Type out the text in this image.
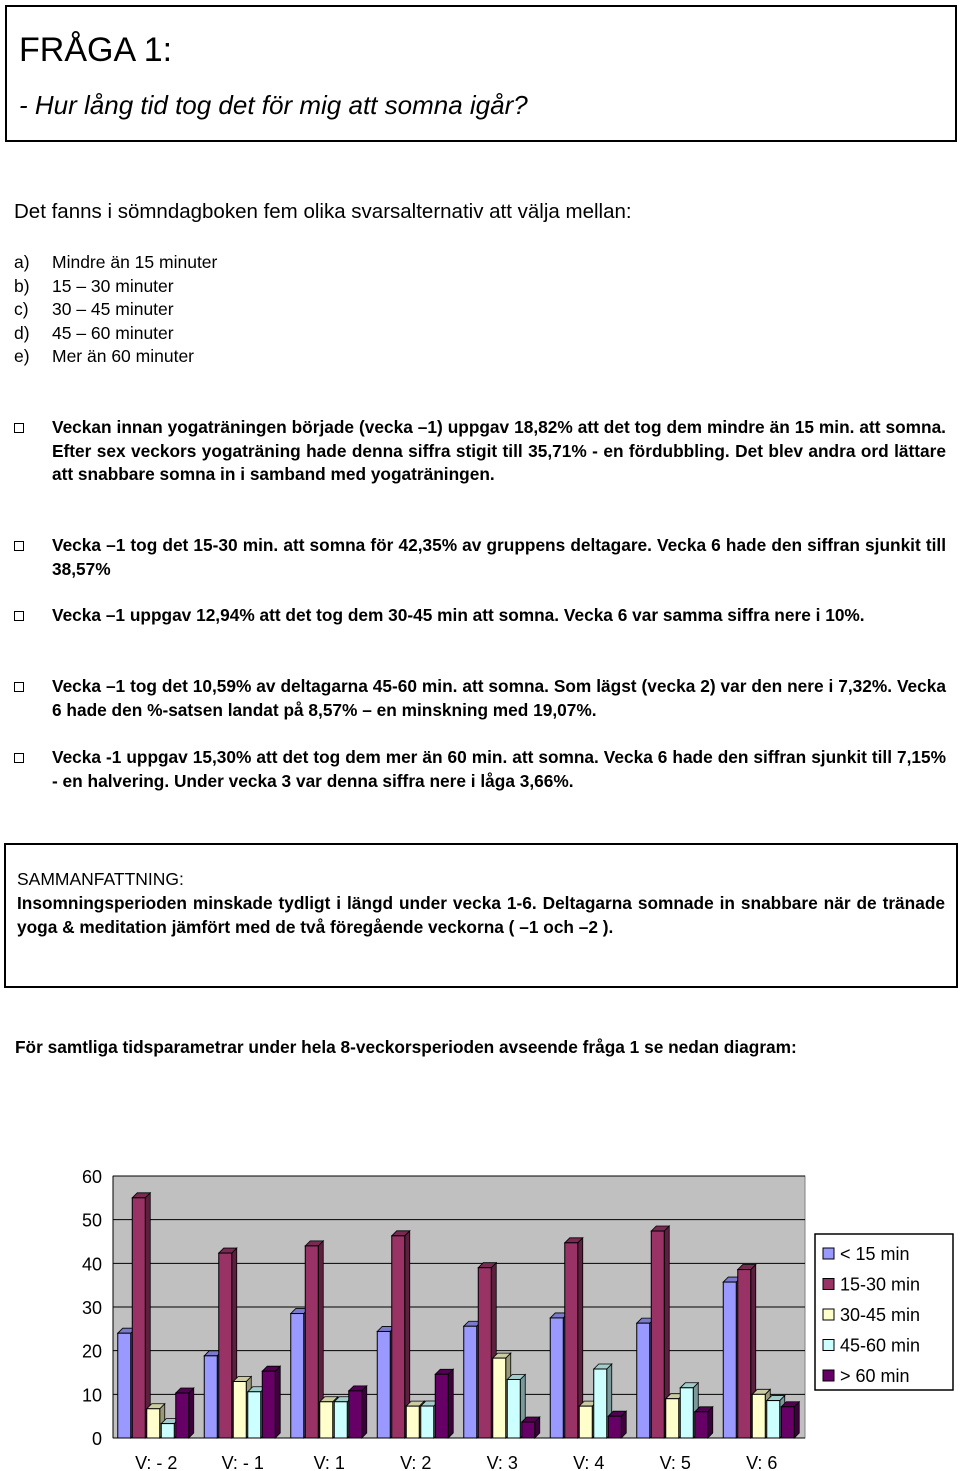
FRÅGA 1:
- Hur lång tid tog det för mig att somna igår?
Det fanns i sömndagboken fem olika svarsalternativ att välja mellan:
a)	Mindre än 15 minuter
b)	15 – 30 minuter
c)	30 – 45 minuter
d)	45 – 60 minuter
e)	Mer än 60 minuter
Veckan innan yogaträningen började (vecka –1) uppgav 18,82% att det tog dem mindre än 15 min. att somna. Efter sex veckors yogaträning hade denna siffra stigit till 35,71% - en fördubbling. Det blev andra ord lättare att snabbare somna in i samband med yogaträningen.
Vecka –1 tog det 15-30 min. att somna för 42,35% av gruppens deltagare. Vecka 6 hade den siffran sjunkit till 38,57%
Vecka –1 uppgav 12,94% att det tog dem 30-45 min att somna. Vecka 6 var samma siffra nere i 10%.
Vecka –1 tog det 10,59% av deltagarna 45-60 min. att somna. Som lägst (vecka 2) var den nere i 7,32%. Vecka 6 hade den %-satsen landat på 8,57% – en minskning med 19,07%.
Vecka -1 uppgav 15,30% att det tog dem mer än 60 min. att somna. Vecka 6 hade den siffran sjunkit till 7,15% - en halvering. Under vecka 3 var denna siffra nere i låga 3,66%.
SAMMANFATTNING:
Insomningsperioden minskade tydligt i längd under vecka 1-6. Deltagarna somnade in snabbare när de tränade yoga & meditation jämfört med de två föregående veckorna ( –1 och –2 ).
För samtliga tidsparametrar under hela 8-veckorsperioden avseende fråga 1 se nedan diagram:
0
10
20
30
40
50
60
V: - 2 V: - 1	V: 1	V: 2	V: 3	V: 4	V: 5	V: 6
< 15 min
15-30 min
30-45 min
45-60 min
> 60 min
